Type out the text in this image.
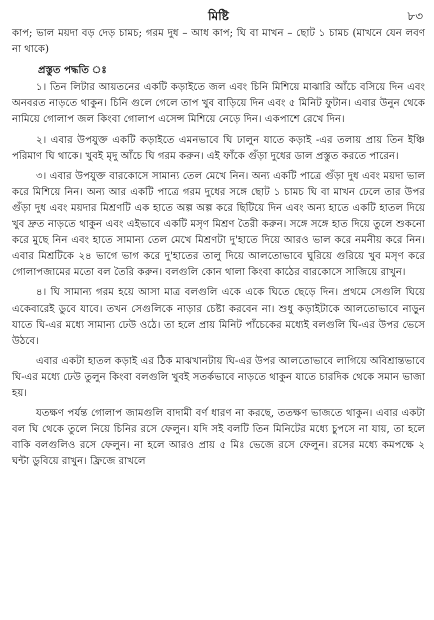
মিষ্টি	৮৩

কাপ; ভাল ময়দা বড় দেড় চামচ; গরম দুধ – আধ কাপ; ঘি বা মাখন – ছোট ১ চামচ (মাখনে যেন লবণ না থাকে)

প্রস্তুত পদ্ধতি ঃ

১। তিন লিটার আয়তনের একটি কড়াইতে জল এবং চিনি মিশিয়ে মাঝারি আঁচে বসিয়ে দিন এবং অনবরত নাড়তে থাকুন। চিনি গুলে গেলে তাপ খুব বাড়িয়ে দিন এবং ৫ মিনিট ফুটান। এবার উনুন থেকে নামিয়ে গোলাপ জল কিংবা গোলাপ এসেন্স মিশিয়ে নেড়ে দিন। একপাশে রেখে দিন।

২। এবার উপযুক্ত একটি কড়াইতে এমনভাবে ঘি ঢালুন যাতে কড়াই -এর তলায় প্রায় তিন ইঞ্চি পরিমাণ ঘি থাকে। খুবই মৃদু আঁচে ঘি গরম করুন। এই ফাঁকে গুঁড়া দুধের ডাল প্রস্তুত করতে পারেন।

৩। এবার উপযুক্ত বারকোসে সামান্য তেল মেখে নিন। অন্য একটি পাত্রে গুঁড়া দুধ এবং ময়দা ভাল করে মিশিয়ে নিন। অন্য আর একটি পাত্রে গরম দুধের সঙ্গে ছোট ১ চামচ ঘি বা মাখন ঢেলে তার উপর গুঁড়া দুধ এবং ময়দার মিশ্রণটি এক হাতে অল্প অল্প করে ছিটিয়ে দিন এবং অন্য হাতে একটি হাতল দিয়ে খুব দ্রুত নাড়তে থাকুন এবং এইভাবে একটি মসৃণ মিশ্রণ তৈরী করুন। সঙ্গে সঙ্গে হাত দিয়ে তুলে শুকনো করে মুছে নিন এবং হাতে সামান্য তেল মেখে মিশ্রণটা দু'হাতে দিয়ে আরও ভাল করে নমনীয় করে নিন। এবার মিশ্রটিকে ২৪ ভাগে ভাগ করে দু'হাতের তালু দিয়ে আলতোভাবে ঘুরিয়ে গুরিয়ে খুব মসৃণ করে গোলাপজামের মতো বল তৈরি করুন। বলগুলি কোন থালা কিংবা কাঠের বারকোসে সাজিয়ে রাখুন।

৪। ঘি সামান্য গরম হয়ে আসা মাত্র বলগুলি একে একে ঘিতে ছেড়ে দিন। প্রথমে সেগুলি ঘিয়ে একেবারেই ডুবে যাবে। তখন সেগুলিকে নাড়ার চেষ্টা করবেন না। শুধু কড়াইটাকে আলতোভাবে নাড়ুন যাতে ঘি-এর মধ্যে সামান্য ঢেউ ওঠে। তা হলে প্রায় মিনিট পাঁচেকের মধ্যেই বলগুলি ঘি-এর উপর ভেসে উঠবে।

এবার একটা হাতল কড়াই এর ঠিক মাঝখানটায় ঘি-এর উপর আলতোভাবে লাগিয়ে অবিশ্রান্তভাবে ঘি-এর মধ্যে ঢেউ তুলুন কিংবা বলগুলি খুবই সতর্কভাবে নাড়তে থাকুন যাতে চারদিক থেকে সমান ভাজা হয়।

যতক্ষণ পর্যন্ত গোলাপ জামগুলি বাদামী বর্ণ ধারণ না করছে, ততক্ষণ ভাজতে থাকুন। এবার একটা বল ঘি থেকে তুলে নিয়ে চিনির রসে ফেলুন। যদি সই বলটি তিন মিনিটের মধ্যে চুপসে না যায়, তা হলে বাকি বলগুলিও রসে ফেলুন। না হলে আরও প্রায় ৫ মিঃ ভেজে রসে ফেলুন। রসের মধ্যে কমপক্ষে ২ ঘন্টা ডুবিয়ে রাখুন। ফ্রিজে রাখলে
